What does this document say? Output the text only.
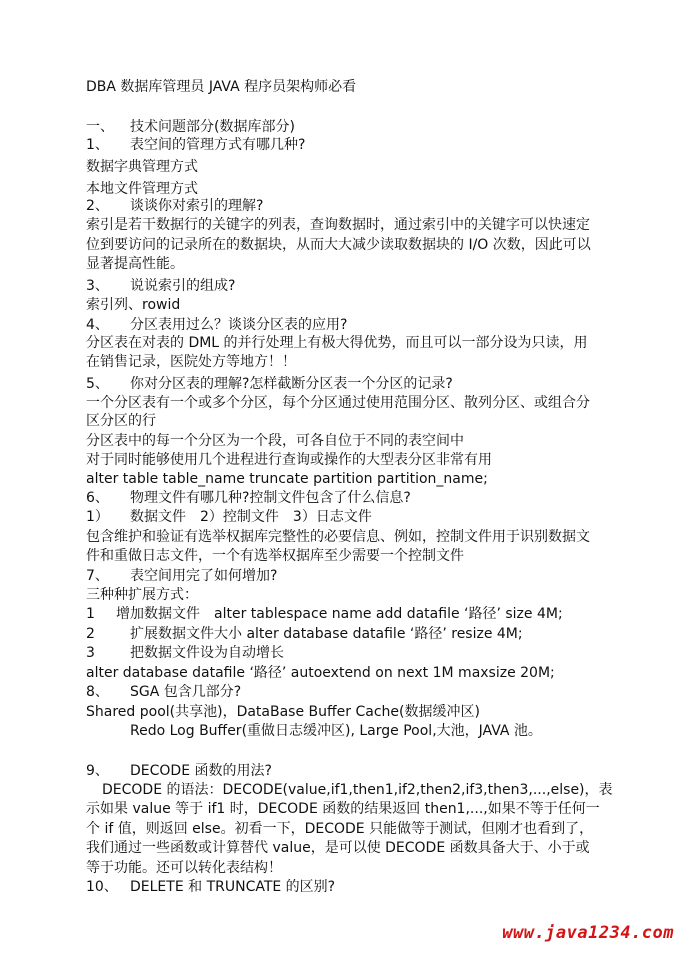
DBA 数据库管理员 JAVA 程序员架构师必看
一、 技术问题部分(数据库部分)
1、 表空间的管理方式有哪几种?
数据字典管理方式
本地文件管理方式
2、 谈谈你对索引的理解?
索引是若干数据行的关键字的列表，查询数据时，通过索引中的关键字可以快速定
位到要访问的记录所在的数据块，从而大大减少读取数据块的 I/O 次数，因此可以
显著提高性能。
3、 说说索引的组成?
索引列、rowid
4、 分区表用过么？谈谈分区表的应用?
分区表在对表的 DML 的并行处理上有极大得优势，而且可以一部分设为只读，用
在销售记录，医院处方等地方！！
5、 你对分区表的理解?怎样截断分区表一个分区的记录?
一个分区表有一个或多个分区，每个分区通过使用范围分区、散列分区、或组合分
区分区的行
分区表中的每一个分区为一个段，可各自位于不同的表空间中
对于同时能够使用几个进程进行查询或操作的大型表分区非常有用
alter table table_name truncate partition partition_name;
6、 物理文件有哪几种?控制文件包含了什么信息?
1） 数据文件 2）控制文件 3）日志文件
包含维护和验证有选举权据库完整性的必要信息、例如，控制文件用于识别数据文
件和重做日志文件，一个有选举权据库至少需要一个控制文件
7、 表空间用完了如何增加?
三种种扩展方式：
1 增加数据文件　alter tablespace name add datafile ‘路径’ size 4M;
2	扩展数据文件大小 alter database datafile ‘路径’ resize 4M;
3	把数据文件设为自动增长
alter database datafile ‘路径’ autoextend on next 1M maxsize 20M;
8、 SGA 包含几部分?
Shared pool(共享池)，DataBase Buffer Cache(数据缓冲区)
Redo Log Buffer(重做日志缓冲区), Large Pool,大池，JAVA 池。
9、 DECODE 函数的用法?
DECODE 的语法：DECODE(value,if1,then1,if2,then2,if3,then3,...,else)，表
示如果 value 等于 if1 时，DECODE 函数的结果返回 then1,...,如果不等于任何一
个 if 值，则返回 else。初看一下，DECODE 只能做等于测试，但刚才也看到了，
我们通过一些函数或计算替代 value，是可以使 DECODE 函数具备大于、小于或
等于功能。还可以转化表结构！
10、 DELETE 和 TRUNCATE 的区别?
www.java1234.com
